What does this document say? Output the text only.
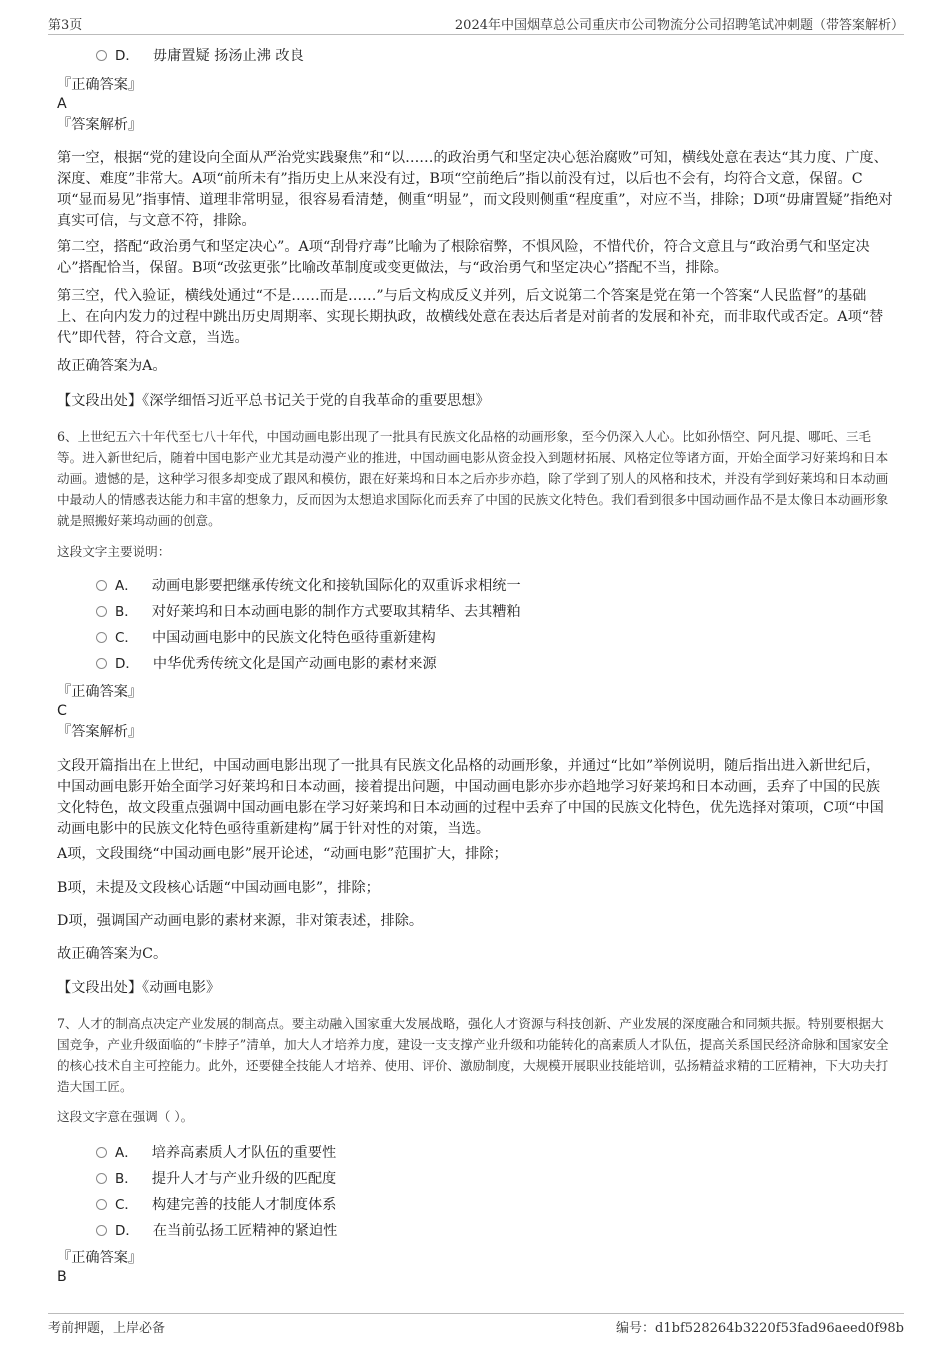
第3页	2024年中国烟草总公司重庆市公司物流分公司招聘笔试冲刺题（带答案解析）
D． 毋庸置疑 扬汤止沸 改良

『正确答案』

A

『答案解析』

第一空，根据“党的建设向全面从严治党实践聚焦”和“以……的政治勇气和坚定决心惩治腐败”可知，横线处意在表达“其力度、广度、深度、难度”非常大。A项“前所未有”指历史上从来没有过，B项“空前绝后”指以前没有过，以后也不会有，均符合文意，保留。C项“显而易见”指事情、道理非常明显，很容易看清楚，侧重“明显”，而文段则侧重“程度重”，对应不当，排除；D项“毋庸置疑”指绝对真实可信，与文意不符，排除。

第二空，搭配“政治勇气和坚定决心”。A项“刮骨疗毒”比喻为了根除宿弊，不惧风险，不惜代价，符合文意且与“政治勇气和坚定决心”搭配恰当，保留。B项“改弦更张”比喻改革制度或变更做法，与“政治勇气和坚定决心”搭配不当，排除。

第三空，代入验证，横线处通过“不是……而是……”与后文构成反义并列，后文说第二个答案是党在第一个答案“人民监督”的基础上、在向内发力的过程中跳出历史周期率、实现长期执政，故横线处意在表达后者是对前者的发展和补充，而非取代或否定。A项“替代”即代替，符合文意，当选。

故正确答案为A。

【文段出处】《深学细悟习近平总书记关于党的自我革命的重要思想》

6、上世纪五六十年代至七八十年代，中国动画电影出现了一批具有民族文化品格的动画形象，至今仍深入人心。比如孙悟空、阿凡提、哪吒、三毛等。进入新世纪后，随着中国电影产业尤其是动漫产业的推进，中国动画电影从资金投入到题材拓展、风格定位等诸方面，开始全面学习好莱坞和日本动画。遗憾的是，这种学习很多却变成了跟风和模仿，跟在好莱坞和日本之后亦步亦趋，除了学到了别人的风格和技术，并没有学到好莱坞和日本动画中最动人的情感表达能力和丰富的想象力，反而因为太想追求国际化而丢弃了中国的民族文化特色。我们看到很多中国动画作品不是太像日本动画形象就是照搬好莱坞动画的创意。

这段文字主要说明：

A． 动画电影要把继承传统文化和接轨国际化的双重诉求相统一
B． 对好莱坞和日本动画电影的制作方式要取其精华、去其糟粕
C． 中国动画电影中的民族文化特色亟待重新建构
D． 中华优秀传统文化是国产动画电影的素材来源

『正确答案』

C

『答案解析』

文段开篇指出在上世纪，中国动画电影出现了一批具有民族文化品格的动画形象，并通过“比如”举例说明，随后指出进入新世纪后，中国动画电影开始全面学习好莱坞和日本动画，接着提出问题，中国动画电影亦步亦趋地学习好莱坞和日本动画，丢弃了中国的民族文化特色，故文段重点强调中国动画电影在学习好莱坞和日本动画的过程中丢弃了中国的民族文化特色，优先选择对策项，C项“中国动画电影中的民族文化特色亟待重新建构”属于针对性的对策，当选。

A项，文段围绕“中国动画电影”展开论述，“动画电影”范围扩大，排除；

B项，未提及文段核心话题“中国动画电影”，排除；

D项，强调国产动画电影的素材来源，非对策表述，排除。

故正确答案为C。

【文段出处】《动画电影》

7、人才的制高点决定产业发展的制高点。要主动融入国家重大发展战略，强化人才资源与科技创新、产业发展的深度融合和同频共振。特别要根据大国竞争，产业升级面临的“卡脖子”清单，加大人才培养力度，建设一支支撑产业升级和功能转化的高素质人才队伍，提高关系国民经济命脉和国家安全的核心技术自主可控能力。此外，还要健全技能人才培养、使用、评价、激励制度，大规模开展职业技能培训，弘扬精益求精的工匠精神，下大功夫打造大国工匠。

这段文字意在强调（ ）。

A． 培养高素质人才队伍的重要性
B． 提升人才与产业升级的匹配度
C． 构建完善的技能人才制度体系
D． 在当前弘扬工匠精神的紧迫性

『正确答案』

B

考前押题，上岸必备	编号：d1bf528264b3220f53fad96aeed0f98b
